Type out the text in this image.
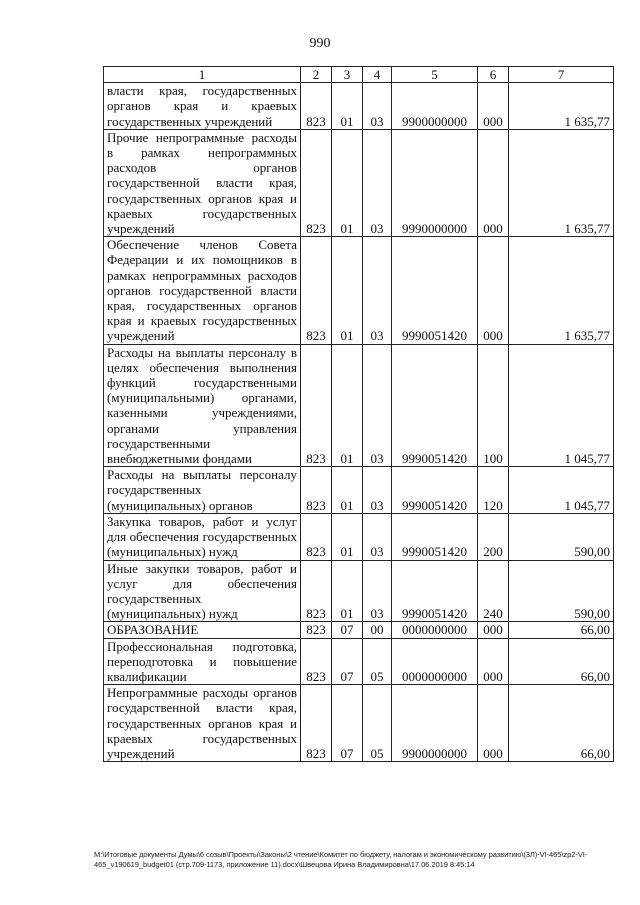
990
1	2	3	4	5	6	7
власти края, государственных органов края и краевых государственных учреждений	823	01	03	9900000000	000	1 635,77
Прочие непрограммные расходы в рамках непрограммных расходов органов государственной власти края, государственных органов края и краевых государственных учреждений	823	01	03	9990000000	000	1 635,77
Обеспечение членов Совета Федерации и их помощников в рамках непрограммных расходов органов государственной власти края, государственных органов края и краевых государственных учреждений	823	01	03	9990051420	000	1 635,77
Расходы на выплаты персоналу в целях обеспечения выполнения функций государственными (муниципальными) органами, казенными учреждениями, органами управления государственными внебюджетными фондами	823	01	03	9990051420	100	1 045,77
Расходы на выплаты персоналу государственных (муниципальных) органов	823	01	03	9990051420	120	1 045,77
Закупка товаров, работ и услуг для обеспечения государственных (муниципальных) нужд	823	01	03	9990051420	200	590,00
Иные закупки товаров, работ и услуг для обеспечения государственных (муниципальных) нужд	823	01	03	9990051420	240	590,00
ОБРАЗОВАНИЕ	823	07	00	0000000000	000	66,00
Профессиональная подготовка, переподготовка и повышение квалификации	823	07	05	0000000000	000	66,00
Непрограммные расходы органов государственной власти края, государственных органов края и краевых государственных учреждений	823	07	05	9900000000	000	66,00
M:\Итоговые документы Думы\6 созыв\Проекты\Законы\2 чтение\Комитет по бюджету, налогам и экономическому развитию\(3Л)-VI-465\zp2-VI-465_v190619_budget01 (стр.709-1173, приложение 11).docx\Швецова Ирина Владимировна\17.06.2019 8:45:14
